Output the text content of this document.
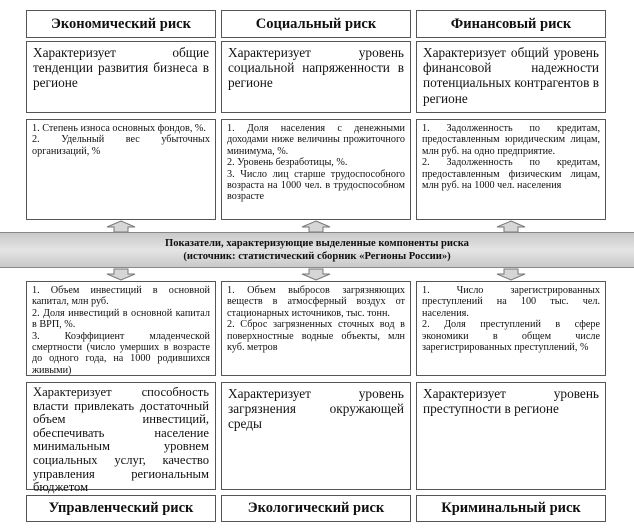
Экономический риск	Социальный риск	Финансовый риск
Характеризует общие тенденции развития бизнеса в регионе
Характеризует уровень социальной напряженности в регионе
Характеризует общий уровень финансовой надежности потенциальных контрагентов в регионе
1. Степень износа основных фондов, %.
2. Удельный вес убыточных организаций, %
1. Доля населения с денежными доходами ниже величины прожиточного минимума, %.
2. Уровень безработицы, %.
3. Число лиц старше трудоспособного возраста на 1000 чел. в трудоспособном возрасте
1. Задолженность по кредитам, предоставленным юридическим лицам, млн руб. на одно предприятие.
2. Задолженность по кредитам, предоставленным физическим лицам, млн руб. на 1000 чел. населения
Показатели, характеризующие выделенные компоненты риска
(источник: статистический сборник «Регионы России»)
1. Объем инвестиций в основной капитал, млн руб.
2. Доля инвестиций в основной капитал в ВРП, %.
3. Коэффициент младенческой смертности (число умерших в возрасте до одного года, на 1000 родившихся живыми)
1. Объем выбросов загрязняющих веществ в атмосферный воздух от стационарных источников, тыс. тонн.
2. Сброс загрязненных сточных вод в поверхностные водные объекты, млн куб. метров
1. Число зарегистрированных преступлений на 100 тыс. чел. населения.
2. Доля преступлений в сфере экономики в общем числе зарегистрированных преступлений, %
Характеризует способность власти привлекать достаточный объем инвестиций, обеспечивать население минимальным уровнем социальных услуг, качество управления региональным бюджетом
Характеризует уровень загрязнения окружающей среды
Характеризует уровень преступности в регионе
Управленческий риск	Экологический риск	Криминальный риск
